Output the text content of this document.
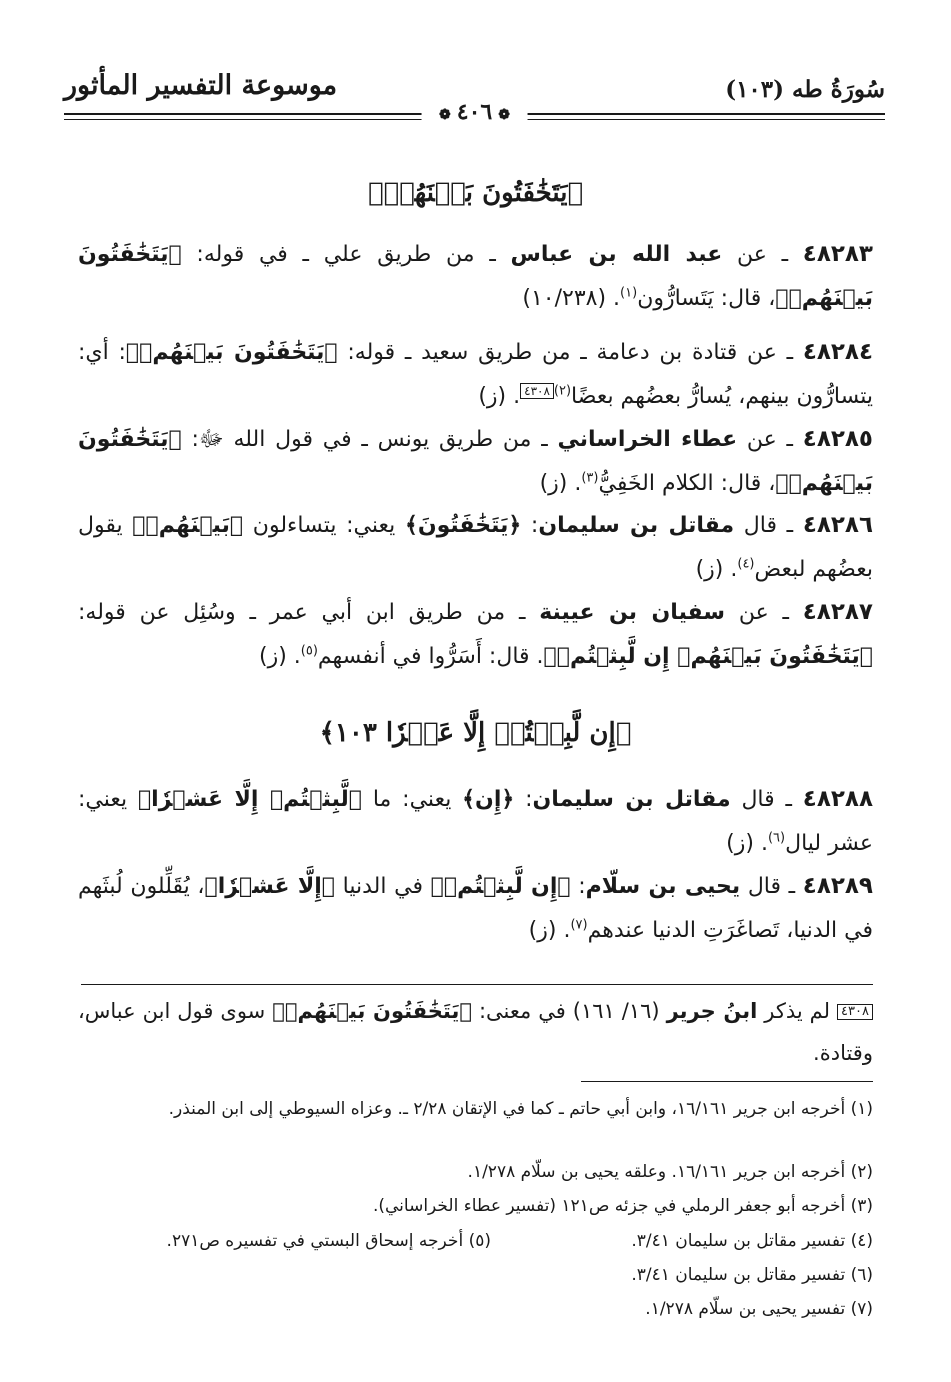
سُورَةُ طه (١٠٣)
موسوعة التفسير المأثور
❁٤٠٦❁
﴿يَتَخَٰفَتُونَ بَيۡنَهُمۡ﴾
٤٨٢٨٣ ـ عن عبد الله بن عباس ـ من طريق علي ـ في قوله: ﴿يَتَخَٰفَتُونَ بَيۡنَهُمۡ﴾، قال: يَتَسارُّون$^{(١)}$. (١٠/٢٣٨)
٤٨٢٨٤ ـ عن قتادة بن دعامة ـ من طريق سعيد ـ قوله: ﴿يَتَخَٰفَتُونَ بَيۡنَهُمۡ﴾: أي: يتسارُّون بينهم، يُسارُّ بعضُهم بعضًا$^{(٢)}$٤٣٠٨. (ز)
٤٨٢٨٥ ـ عن عطاء الخراساني ـ من طريق يونس ـ في قول الله ﷻ: ﴿يَتَخَٰفَتُونَ بَيۡنَهُمۡ﴾، قال: الكلام الخَفِيُّ$^{(٣)}$. (ز)
٤٨٢٨٦ ـ قال مقاتل بن سليمان: ﴿يَتَخَٰفَتُونَ﴾ يعني: يتساءلون ﴿بَيۡنَهُمۡ﴾ يقول بعضُهم لبعض$^{(٤)}$. (ز)
٤٨٢٨٧ ـ عن سفيان بن عيينة ـ من طريق ابن أبي عمر ـ وسُئِل عن قوله: ﴿يَتَخَٰفَتُونَ بَيۡنَهُمۡ إِن لَّبِثۡتُمۡ﴾. قال: أَسَرُّوا في أنفسهم$^{(٥)}$. (ز)
﴿إِن لَّبِثۡتُمۡ إِلَّا عَشۡرٗا ١٠٣﴾
٤٨٢٨٨ ـ قال مقاتل بن سليمان: ﴿إِن﴾ يعني: ما ﴿لَّبِثۡتُمۡ إِلَّا عَشۡرٗا﴾ يعني: عشر ليال$^{(٦)}$. (ز)
٤٨٢٨٩ ـ قال يحيى بن سلّام: ﴿إِن لَّبِثۡتُمۡ﴾ في الدنيا ﴿إِلَّا عَشۡرٗا﴾، يُقَلِّلون لُبثَهم في الدنيا، تَصاغَرَتِ الدنيا عندهم$^{(٧)}$. (ز)
٤٣٠٨ لم يذكر ابنُ جرير (١٦/ ١٦١) في معنى: ﴿يَتَخَٰفَتُونَ بَيۡنَهُمۡ﴾ سوى قول ابن عباس، وقتادة.
(١) أخرجه ابن جرير ١٦/١٦١، وابن أبي حاتم ـ كما في الإتقان ٢/٢٨ ـ. وعزاه السيوطي إلى ابن المنذر.
(٢) أخرجه ابن جرير ١٦/١٦١. وعلقه يحيى بن سلّام ١/٢٧٨.
(٣) أخرجه أبو جعفر الرملي في جزئه ص١٢١ (تفسير عطاء الخراساني).
(٤) تفسير مقاتل بن سليمان ٣/٤١.
(٥) أخرجه إسحاق البستي في تفسيره ص٢٧١.
(٦) تفسير مقاتل بن سليمان ٣/٤١.
(٧) تفسير يحيى بن سلّام ١/٢٧٨.
